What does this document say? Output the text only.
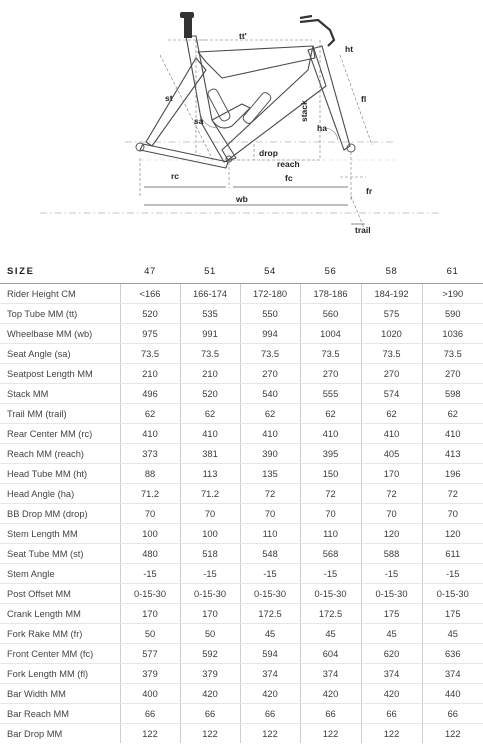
tt'
ht
st	fl
stack
sa
ha
drop
reach
rc	fc
fr
wb
trail
SIZE	47	51	54	56	58	61
Rider Height CM	<166	166-174	172-180	178-186	184-192	>190
Top Tube MM (tt)	520	535	550	560	575	590
Wheelbase MM (wb)	975	991	994	1004	1020	1036
Seat Angle (sa)	73.5	73.5	73.5	73.5	73.5	73.5
Seatpost Length MM	210	210	270	270	270	270
Stack MM	496	520	540	555	574	598
Trail MM (trail)	62	62	62	62	62	62
Rear Center MM (rc)	410	410	410	410	410	410
Reach MM (reach)	373	381	390	395	405	413
Head Tube MM (ht)	88	113	135	150	170	196
Head Angle (ha)	71.2	71.2	72	72	72	72
BB Drop MM (drop)	70	70	70	70	70	70
Stem Length MM	100	100	110	110	120	120
Seat Tube MM (st)	480	518	548	568	588	611
Stem Angle	-15	-15	-15	-15	-15	-15
Post Offset MM	0-15-30	0-15-30	0-15-30	0-15-30	0-15-30	0-15-30
Crank Length MM	170	170	172.5	172.5	175	175
Fork Rake MM (fr)	50	50	45	45	45	45
Front Center MM (fc)	577	592	594	604	620	636
Fork Length MM (fl)	379	379	374	374	374	374
Bar Width MM	400	420	420	420	420	440
Bar Reach MM	66	66	66	66	66	66
Bar Drop MM	122	122	122	122	122	122
